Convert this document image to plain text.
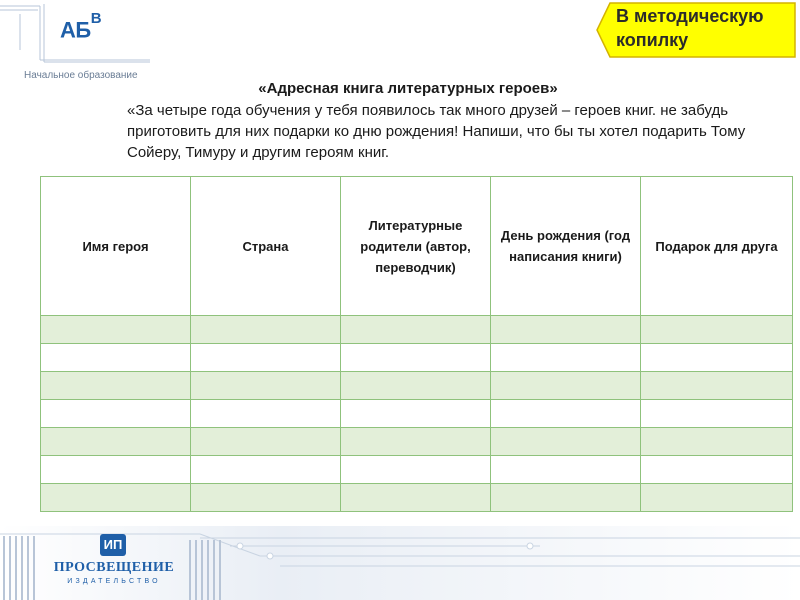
$АБ^В$
Начальное образование
В методическую копилку
«Адресная книга литературных героев»
«За четыре года обучения у тебя появилось так много друзей – героев книг. не забудь приготовить для них подарки ко дню рождения! Напиши, что бы ты хотел подарить Тому Сойеру, Тимуру и другим героям книг.
Имя героя	Страна	Литературные родители (автор, переводчик)	День рождения (год написания книги)	Подарок для друга

ИП
ПРОСВЕЩЕНИЕ
ИЗДАТЕЛЬСТВО
